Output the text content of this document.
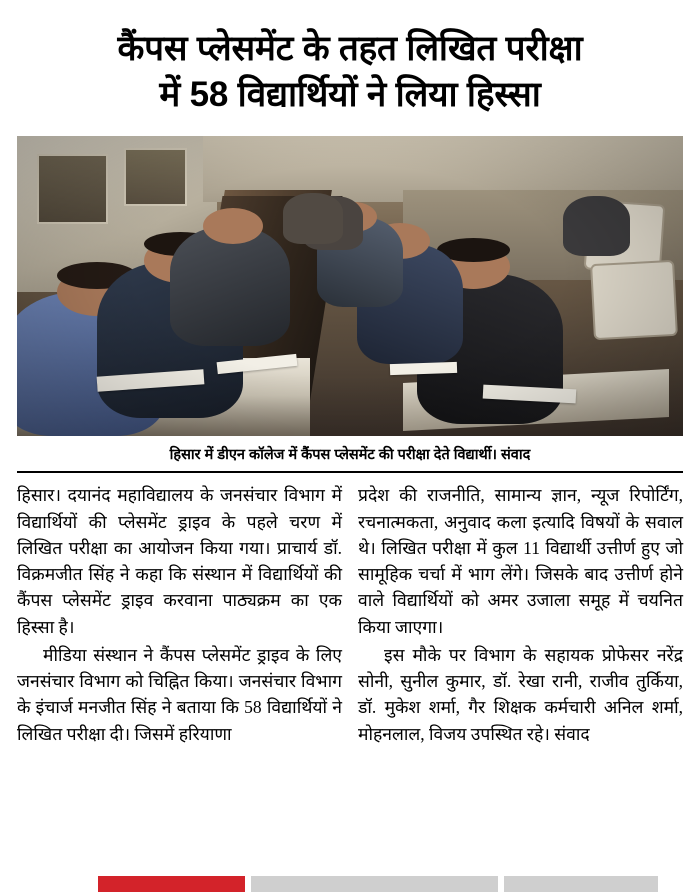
कैंपस प्लेसमेंट के तहत लिखित परीक्षा
में 58 विद्यार्थियों ने लिया हिस्सा
हिसार में डीएन कॉलेज में कैंपस प्लेसमेंट की परीक्षा देते विद्यार्थी। संवाद

हिसार। दयानंद महाविद्यालय के जनसंचार विभाग में विद्यार्थियों की प्लेसमेंट ड्राइव के पहले चरण में लिखित परीक्षा का आयोजन किया गया। प्राचार्य डॉ. विक्रमजीत सिंह ने कहा कि संस्थान में विद्यार्थियों की कैंपस प्लेसमेंट ड्राइव करवाना पाठ्यक्रम का एक हिस्सा है।

मीडिया संस्थान ने कैंपस प्लेसमेंट ड्राइव के लिए जनसंचार विभाग को चिह्नित किया। जनसंचार विभाग के इंचार्ज मनजीत सिंह ने बताया कि 58 विद्यार्थियों ने लिखित परीक्षा दी। जिसमें हरियाणा

प्रदेश की राजनीति, सामान्य ज्ञान, न्यूज रिपोर्टिंग, रचनात्मकता, अनुवाद कला इत्यादि विषयों के सवाल थे। लिखित परीक्षा में कुल 11 विद्यार्थी उत्तीर्ण हुए जो सामूहिक चर्चा में भाग लेंगे। जिसके बाद उत्तीर्ण होने वाले विद्यार्थियों को अमर उजाला समूह में चयनित किया जाएगा।

इस मौके पर विभाग के सहायक प्रोफेसर नरेंद्र सोनी, सुनील कुमार, डॉ. रेखा रानी, राजीव तुर्किया, डॉ. मुकेश शर्मा, गैर शिक्षक कर्मचारी अनिल शर्मा, मोहनलाल, विजय उपस्थित रहे। संवाद
